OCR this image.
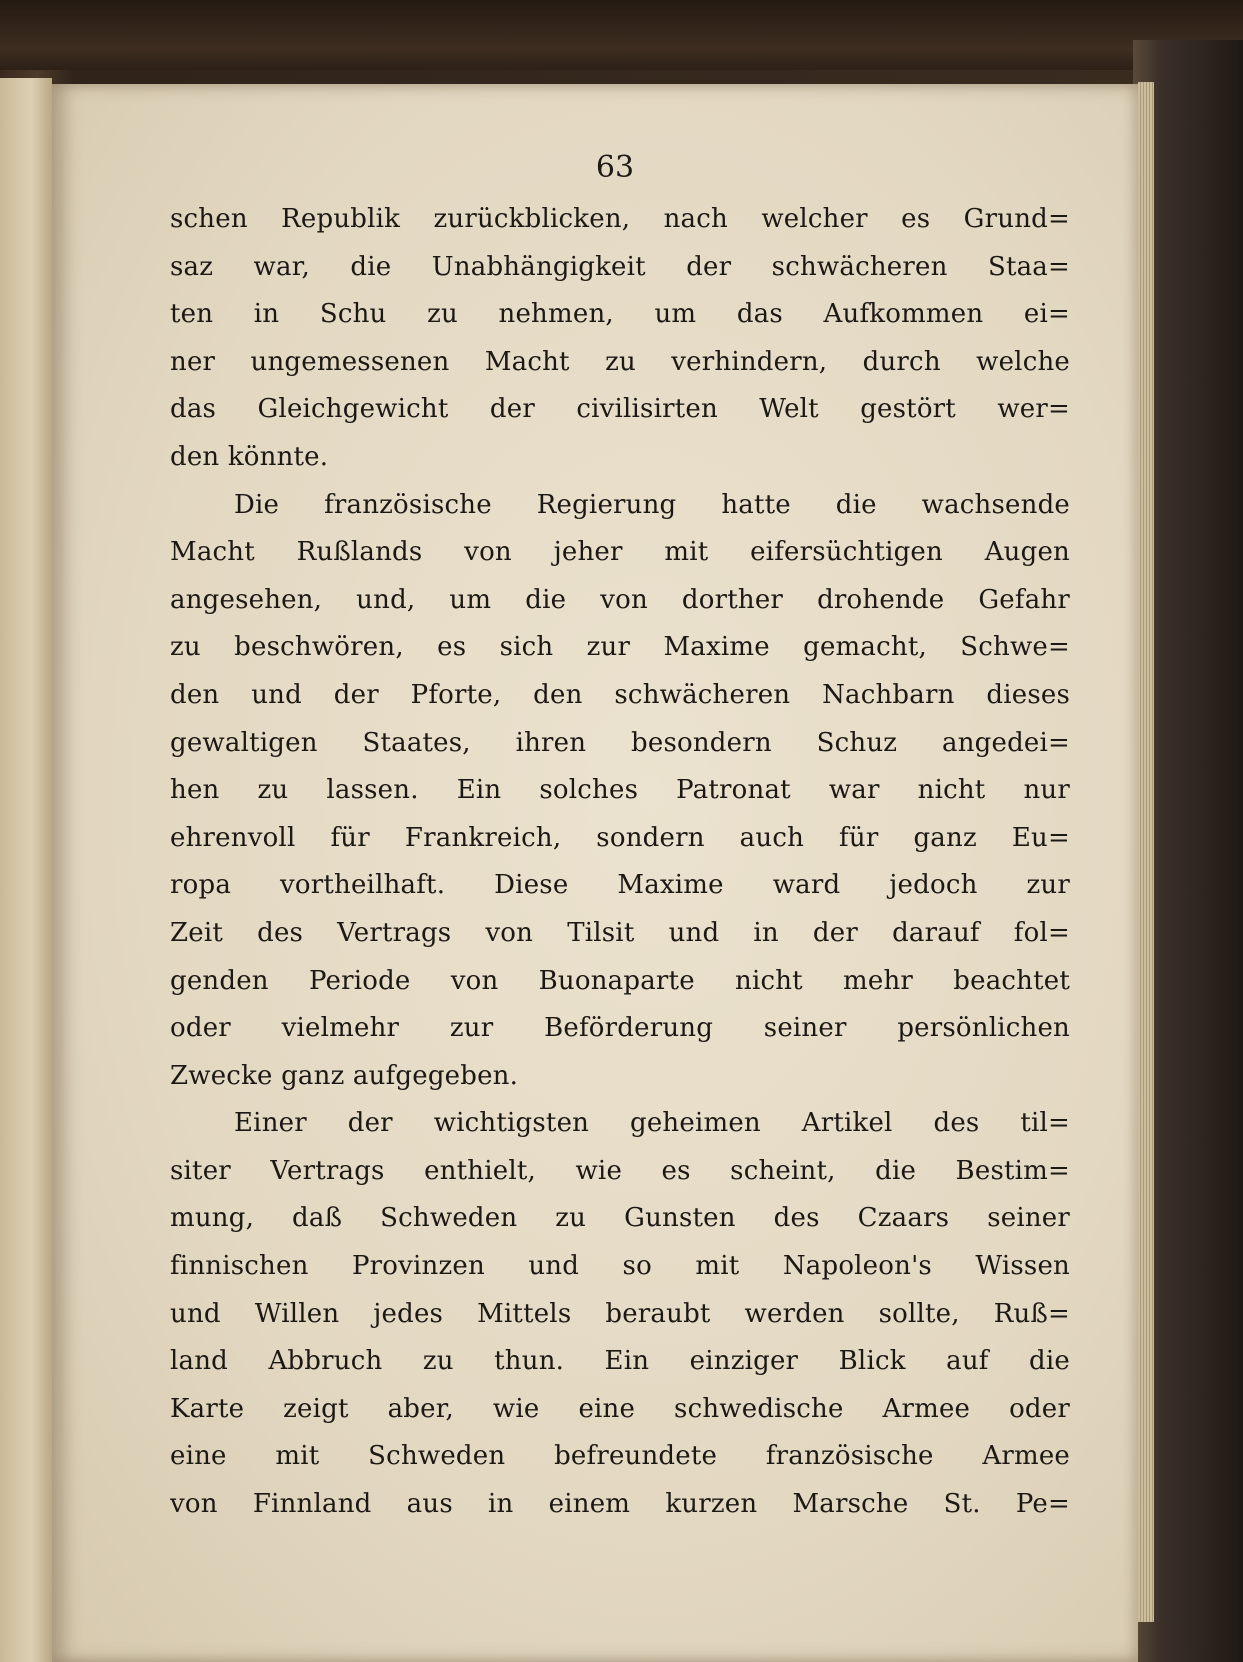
63
schen Republik zurückblicken, nach welcher es Grund=
saz war, die Unabhängigkeit der schwächeren Staa=
ten in Schu zu nehmen, um das Aufkommen ei=
ner ungemessenen Macht zu verhindern, durch welche
das Gleichgewicht der civilisirten Welt gestört wer=
den könnte.
Die französische Regierung hatte die wachsende
Macht Rußlands von jeher mit eifersüchtigen Augen
angesehen, und, um die von dorther drohende Gefahr
zu beschwören, es sich zur Maxime gemacht, Schwe=
den und der Pforte, den schwächeren Nachbarn dieses
gewaltigen Staates, ihren besondern Schuz angedei=
hen zu lassen. Ein solches Patronat war nicht nur
ehrenvoll für Frankreich, sondern auch für ganz Eu=
ropa vortheilhaft. Diese Maxime ward jedoch zur
Zeit des Vertrags von Tilsit und in der darauf fol=
genden Periode von Buonaparte nicht mehr beachtet
oder vielmehr zur Beförderung seiner persönlichen
Zwecke ganz aufgegeben.
Einer der wichtigsten geheimen Artikel des til=
siter Vertrags enthielt, wie es scheint, die Bestim=
mung, daß Schweden zu Gunsten des Czaars seiner
finnischen Provinzen und so mit Napoleon's Wissen
und Willen jedes Mittels beraubt werden sollte, Ruß=
land Abbruch zu thun. Ein einziger Blick auf die
Karte zeigt aber, wie eine schwedische Armee oder
eine mit Schweden befreundete französische Armee
von Finnland aus in einem kurzen Marsche St. Pe=
